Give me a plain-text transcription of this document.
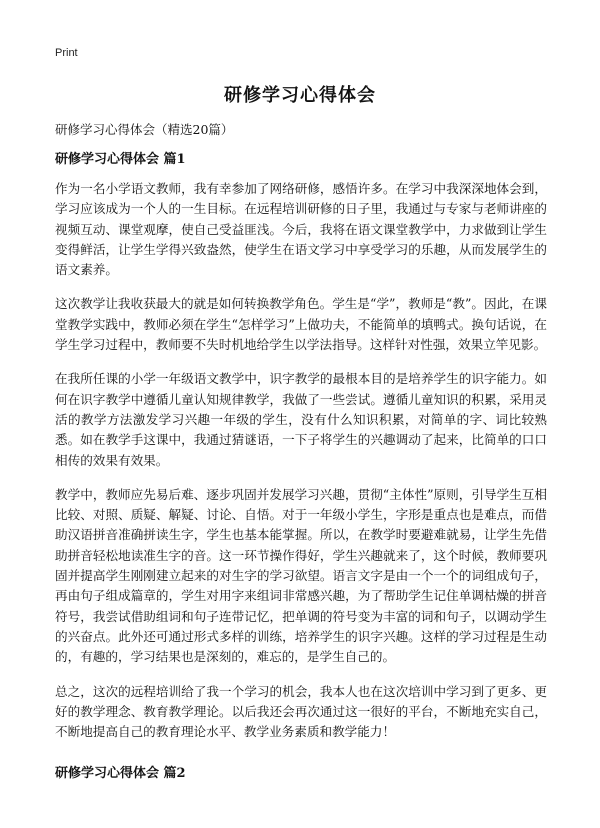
Print
研修学习心得体会

研修学习心得体会（精选20篇）

研修学习心得体会 篇1

作为一名小学语文教师，我有幸参加了网络研修，感悟许多。在学习中我深深地体会到，学习应该成为一个人的一生目标。在远程培训研修的日子里，我通过与专家与老师讲座的视频互动、课堂观摩，使自己受益匪浅。今后，我将在语文课堂教学中，力求做到让学生变得鲜活，让学生学得兴致盎然，使学生在语文学习中享受学习的乐趣，从而发展学生的语文素养。

这次教学让我收获最大的就是如何转换教学角色。学生是“学”，教师是“教”。因此，在课堂教学实践中，教师必须在学生“怎样学习”上做功夫，不能简单的填鸭式。换句话说，在学生学习过程中，教师要不失时机地给学生以学法指导。这样针对性强，效果立竿见影。

在我所任课的小学一年级语文教学中，识字教学的最根本目的是培养学生的识字能力。如何在识字教学中遵循儿童认知规律教学，我做了一些尝试。遵循儿童知识的积累，采用灵活的教学方法激发学习兴趣一年级的学生，没有什么知识积累，对简单的字、词比较熟悉。如在教学手这课中，我通过猜谜语，一下子将学生的兴趣调动了起来，比简单的口口相传的效果有效果。

教学中，教师应先易后难、逐步巩固并发展学习兴趣，贯彻“主体性”原则，引导学生互相比较、对照、质疑、解疑、讨论、自悟。对于一年级小学生，字形是重点也是难点，而借助汉语拼音准确拼读生字，学生也基本能掌握。所以，在教学时要避难就易，让学生先借助拼音轻松地读准生字的音。这一环节操作得好，学生兴趣就来了，这个时候，教师要巩固并提高学生刚刚建立起来的对生字的学习欲望。语言文字是由一个一个的词组成句子，再由句子组成篇章的，学生对用字来组词非常感兴趣，为了帮助学生记住单调枯燥的拼音符号，我尝试借助组词和句子连带记忆，把单调的符号变为丰富的词和句子，以调动学生的兴奋点。此外还可通过形式多样的训练，培养学生的识字兴趣。这样的学习过程是生动的，有趣的，学习结果也是深刻的，难忘的，是学生自己的。

总之，这次的远程培训给了我一个学习的机会，我本人也在这次培训中学习到了更多、更好的教学理念、教育教学理论。以后我还会再次通过这一很好的平台，不断地充实自己，不断地提高自己的教育理论水平、教学业务素质和教学能力！

研修学习心得体会 篇2
